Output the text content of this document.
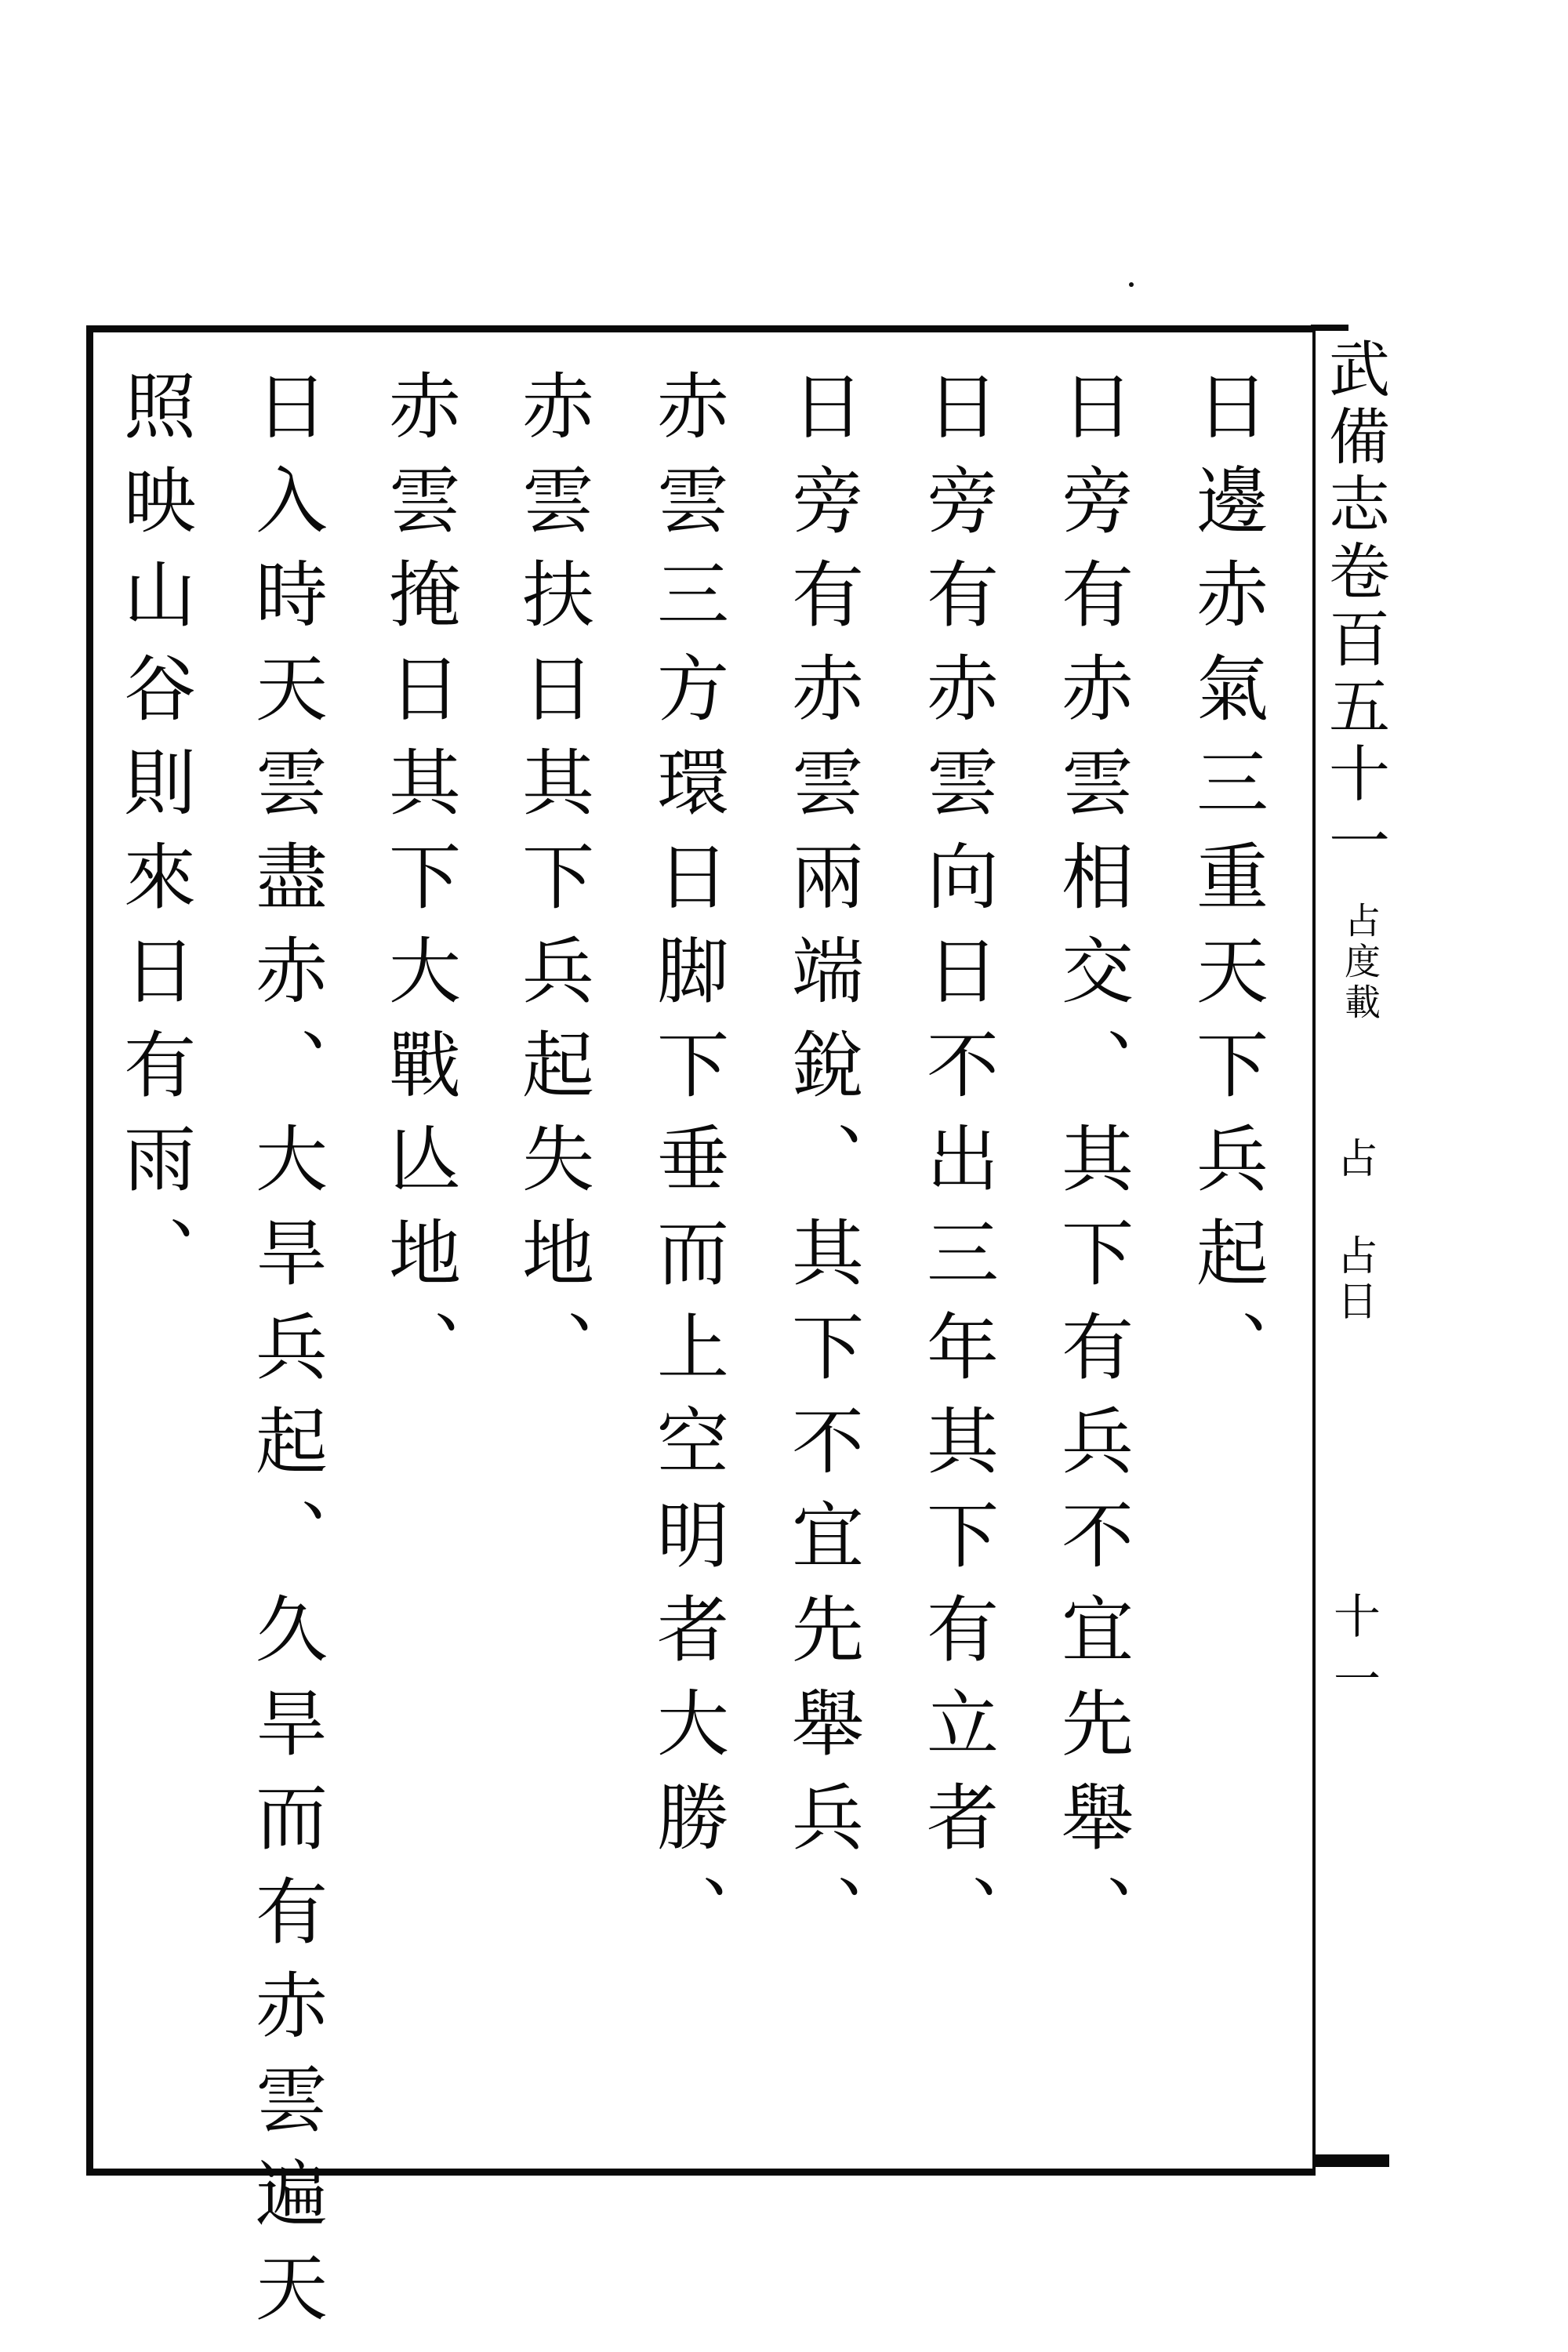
武備志卷百五十一
占度載
占 占日
十一
日邊赤氣三重天下兵起、
日旁有赤雲相交、其下有兵不宜先舉、
日旁有赤雲向日不出三年其下有立者、
日旁有赤雲兩端銳、其下不宜先舉兵、
赤雲三方環日脚下垂而上空明者大勝、
赤雲扶日其下兵起失地、
赤雲掩日其下大戰亾地、
日入時天雲盡赤、大旱兵起、久旱而有赤雲遍天
照映山谷則來日有雨、
